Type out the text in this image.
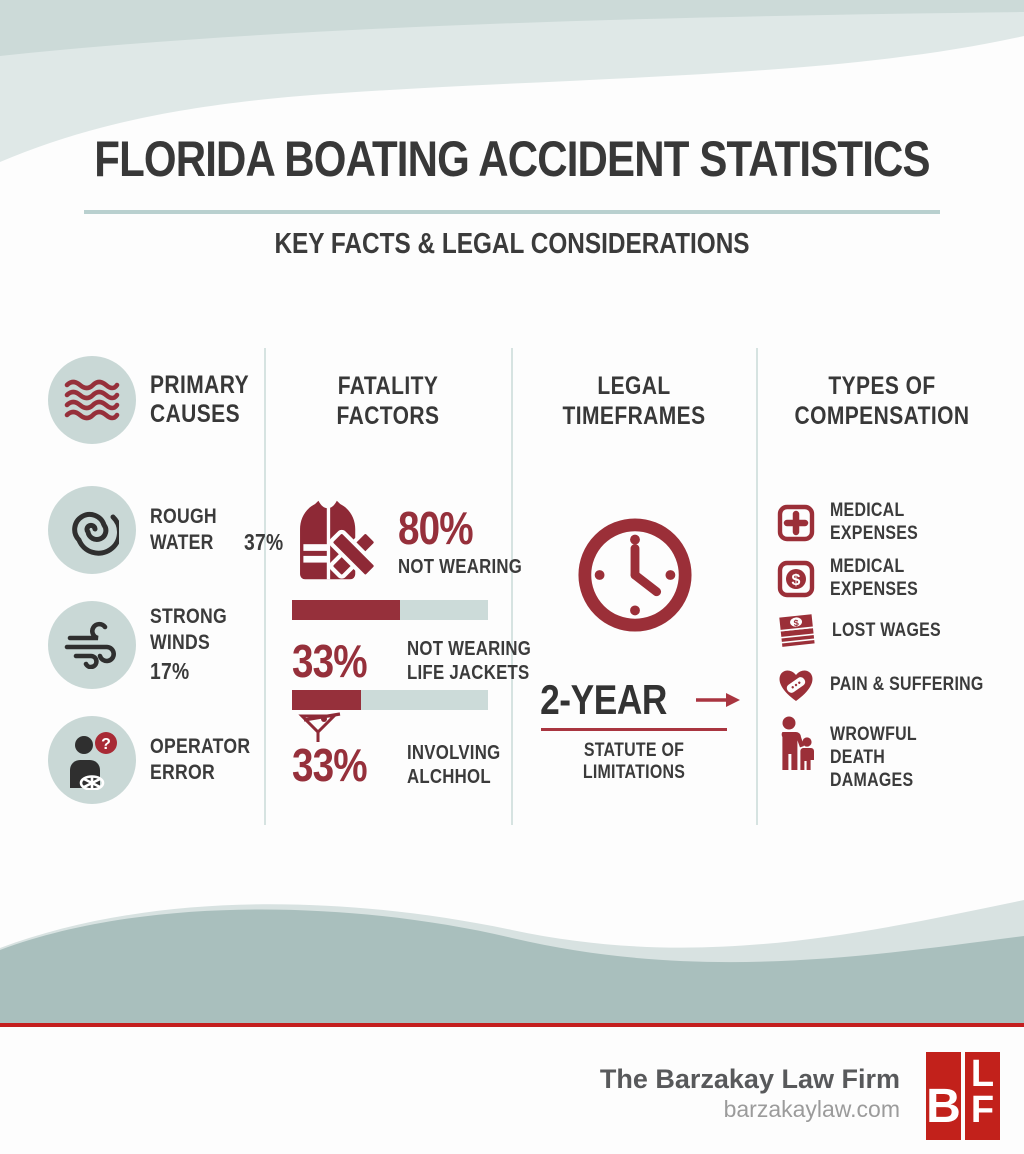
FLORIDA BOATING ACCIDENT STATISTICS
KEY FACTS & LEGAL CONSIDERATIONS
PRIMARY CAUSES
ROUGH WATER 37%
STRONG WINDS
17%
? OPERATOR ERROR
FATALITY FACTORS
80%
NOT WEARING
33% NOT WEARING
LIFE JACKETS
33% INVOLVING
ALCHHOL
LEGAL TIMEFRAMES
2-YEAR
STATUTE OF LIMITATIONS
TYPES OF COMPENSATION
MEDICAL EXPENSES
$
MEDICAL EXPENSES
$ LOST WAGES
PAIN & SUFFERING
WROWFUL DEATH DAMAGES
The Barzakay Law Firm
barzakaylaw.com B
L
F
